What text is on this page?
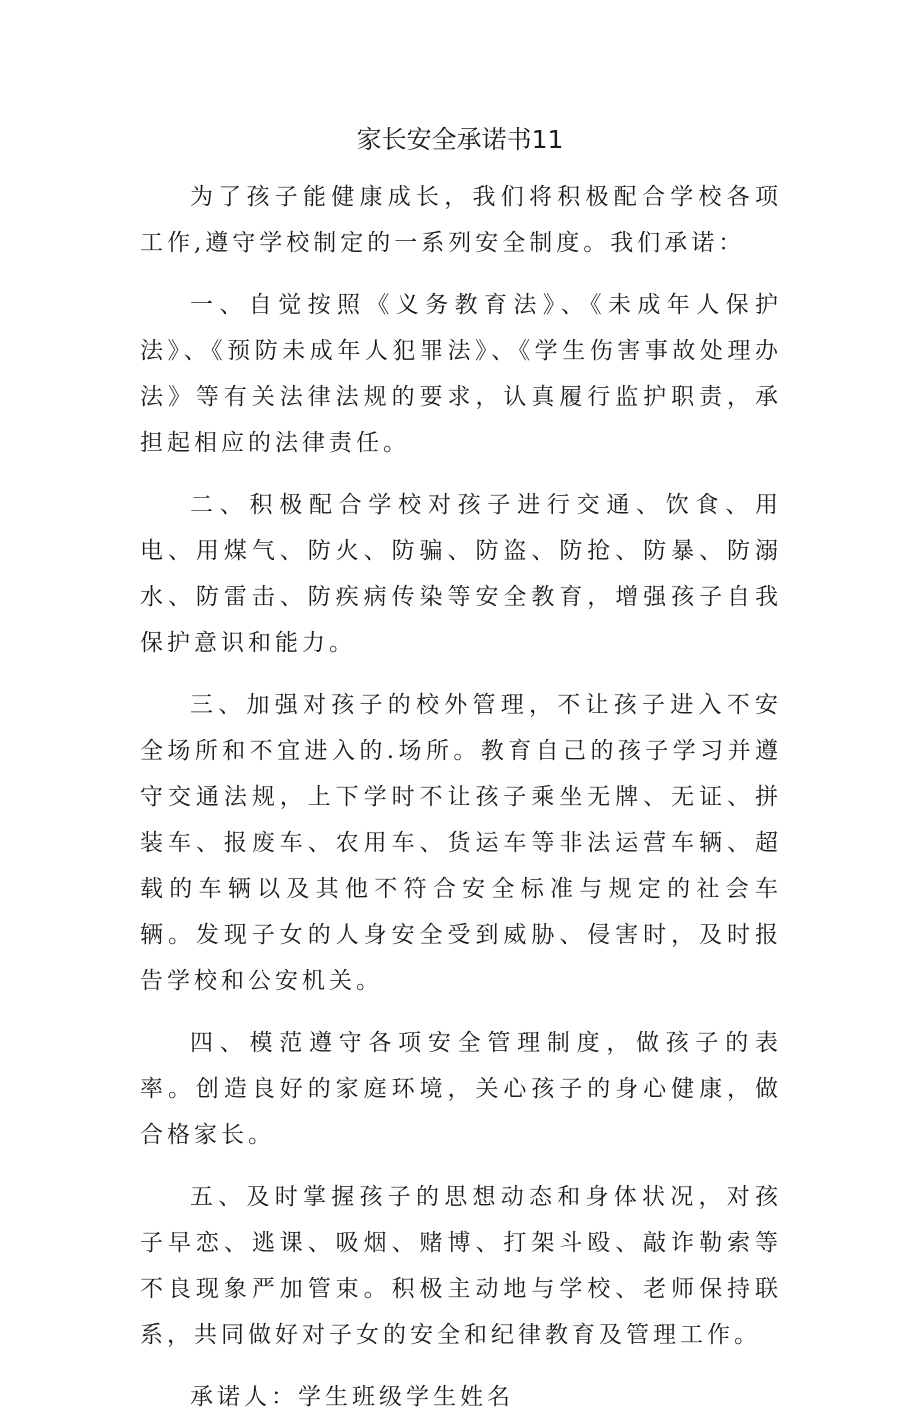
家长安全承诺书11

为了孩子能健康成长，我们将积极配合学校各项工作,遵守学校制定的一系列安全制度。我们承诺：

一、自觉按照《义务教育法》、《未成年人保护法》、《预防未成年人犯罪法》、《学生伤害事故处理办法》等有关法律法规的要求，认真履行监护职责，承担起相应的法律责任。

二、积极配合学校对孩子进行交通、饮食、用电、用煤气、防火、防骗、防盗、防抢、防暴、防溺水、防雷击、防疾病传染等安全教育，增强孩子自我保护意识和能力。

三、加强对孩子的校外管理，不让孩子进入不安全场所和不宜进入的.场所。教育自己的孩子学习并遵守交通法规，上下学时不让孩子乘坐无牌、无证、拼装车、报废车、农用车、货运车等非法运营车辆、超载的车辆以及其他不符合安全标准与规定的社会车辆。发现子女的人身安全受到威胁、侵害时，及时报告学校和公安机关。

四、模范遵守各项安全管理制度，做孩子的表率。创造良好的家庭环境，关心孩子的身心健康，做合格家长。

五、及时掌握孩子的思想动态和身体状况，对孩子早恋、逃课、吸烟、赌博、打架斗殴、敲诈勒索等不良现象严加管束。积极主动地与学校、老师保持联系，共同做好对子女的安全和纪律教育及管理工作。

承诺人：学生班级学生姓名
